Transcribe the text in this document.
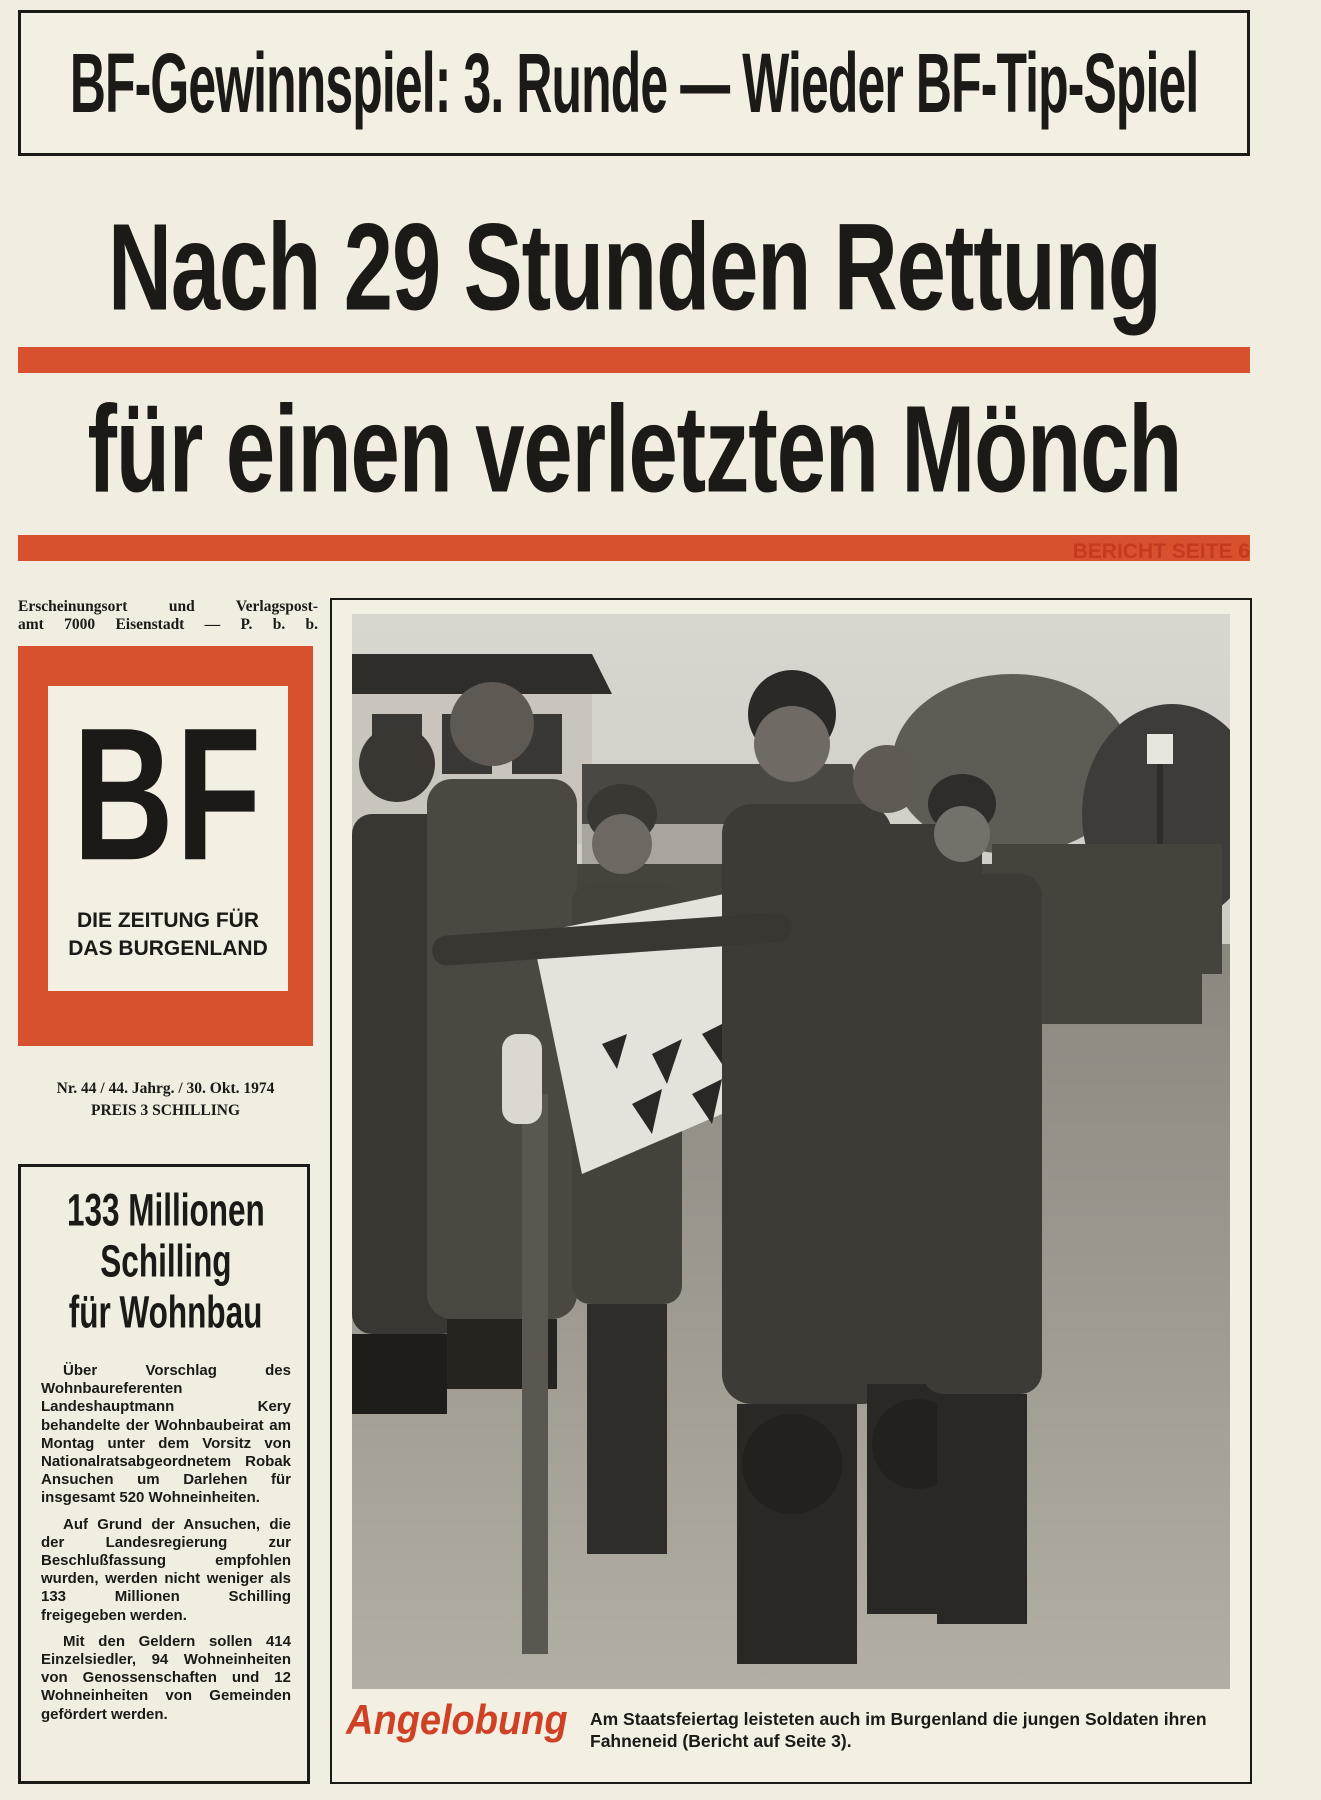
BF-Gewinnspiel: 3. Runde — Wieder BF-Tip-Spiel
Nach 29 Stunden Rettung
für einen verletzten Mönch
BERICHT SEITE 6
Erscheinungsort und Verlagspost-
amt 7000 Eisenstadt — P. b. b.
BF
DIE ZEITUNG FÜR
DAS BURGENLAND
Nr. 44 / 44. Jahrg. / 30. Okt. 1974
PREIS 3 SCHILLING
133 Millionen
Schilling
für Wohnbau

Über Vorschlag des Wohnbaureferenten Landeshauptmann Kery behandelte der Wohnbaubeirat am Montag unter dem Vorsitz von Nationalratsabgeordnetem Robak Ansuchen um Darlehen für insgesamt 520 Wohneinheiten.

Auf Grund der Ansuchen, die der Landesregierung zur Beschlußfassung empfohlen wurden, werden nicht weniger als 133 Millionen Schilling freigegeben werden.

Mit den Geldern sollen 414 Einzelsiedler, 94 Wohneinheiten von Genossenschaften und 12 Wohneinheiten von Gemeinden gefördert werden.	Angelobung Am Staatsfeiertag leisteten auch im Burgenland die jungen Soldaten ihren Fahneneid (Bericht auf Seite 3).
